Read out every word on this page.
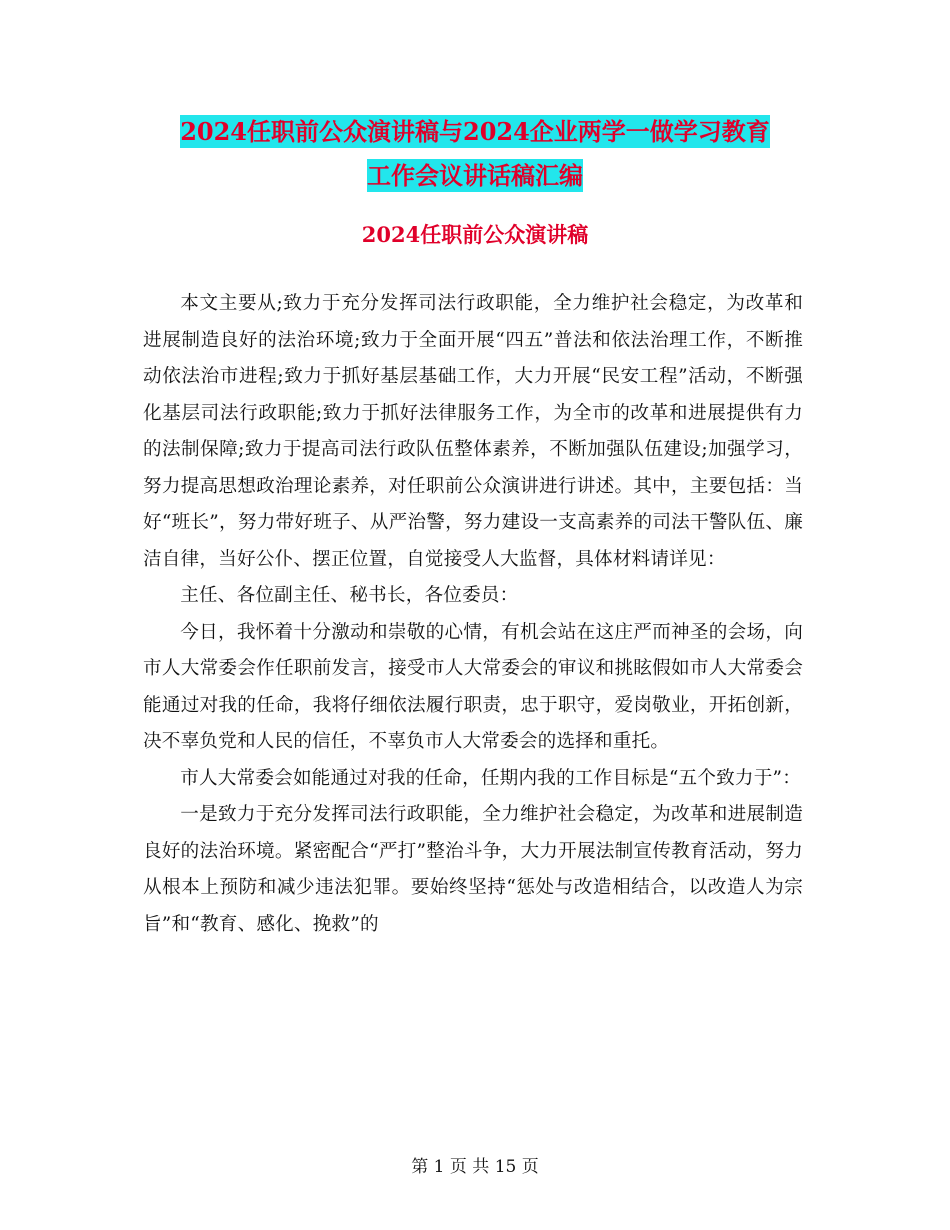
2024任职前公众演讲稿与2024企业两学一做学习教育
工作会议讲话稿汇编
2024任职前公众演讲稿

本文主要从;致力于充分发挥司法行政职能，全力维护社会稳定，为改革和进展制造良好的法治环境;致力于全面开展“四五”普法和依法治理工作，不断推动依法治市进程;致力于抓好基层基础工作，大力开展“民安工程”活动，不断强化基层司法行政职能;致力于抓好法律服务工作，为全市的改革和进展提供有力的法制保障;致力于提高司法行政队伍整体素养，不断加强队伍建设;加强学习，努力提高思想政治理论素养，对任职前公众演讲进行讲述。其中，主要包括：当好“班长”，努力带好班子、从严治警，努力建设一支高素养的司法干警队伍、廉洁自律，当好公仆、摆正位置，自觉接受人大监督，具体材料请详见：

主任、各位副主任、秘书长，各位委员：

今日，我怀着十分激动和崇敬的心情，有机会站在这庄严而神圣的会场，向市人大常委会作任职前发言，接受市人大常委会的审议和挑眩假如市人大常委会能通过对我的任命，我将仔细依法履行职责，忠于职守，爱岗敬业，开拓创新，决不辜负党和人民的信任，不辜负市人大常委会的选择和重托。

市人大常委会如能通过对我的任命，任期内我的工作目标是“五个致力于”：

一是致力于充分发挥司法行政职能，全力维护社会稳定，为改革和进展制造良好的法治环境。紧密配合“严打”整治斗争，大力开展法制宣传教育活动，努力从根本上预防和减少违法犯罪。要始终坚持“惩处与改造相结合，以改造人为宗旨”和“教育、感化、挽救”的

第 1 页 共 15 页
